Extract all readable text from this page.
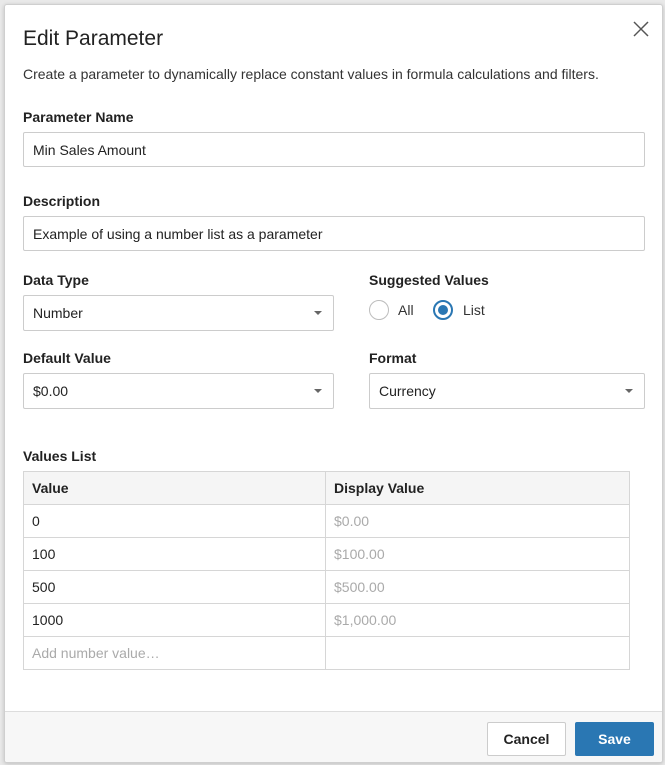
Edit Parameter
Create a parameter to dynamically replace constant values in formula calculations and filters.
Parameter Name
Min Sales Amount
Description
Example of using a number list as a parameter
Data Type
Number
Suggested Values
All	List
Default Value
$0.00
Format
Currency
Values List
Value	Display Value
0	$0.00
100	$100.00
500	$500.00
1000	$1,000.00
Add number value…	
Cancel	Save
